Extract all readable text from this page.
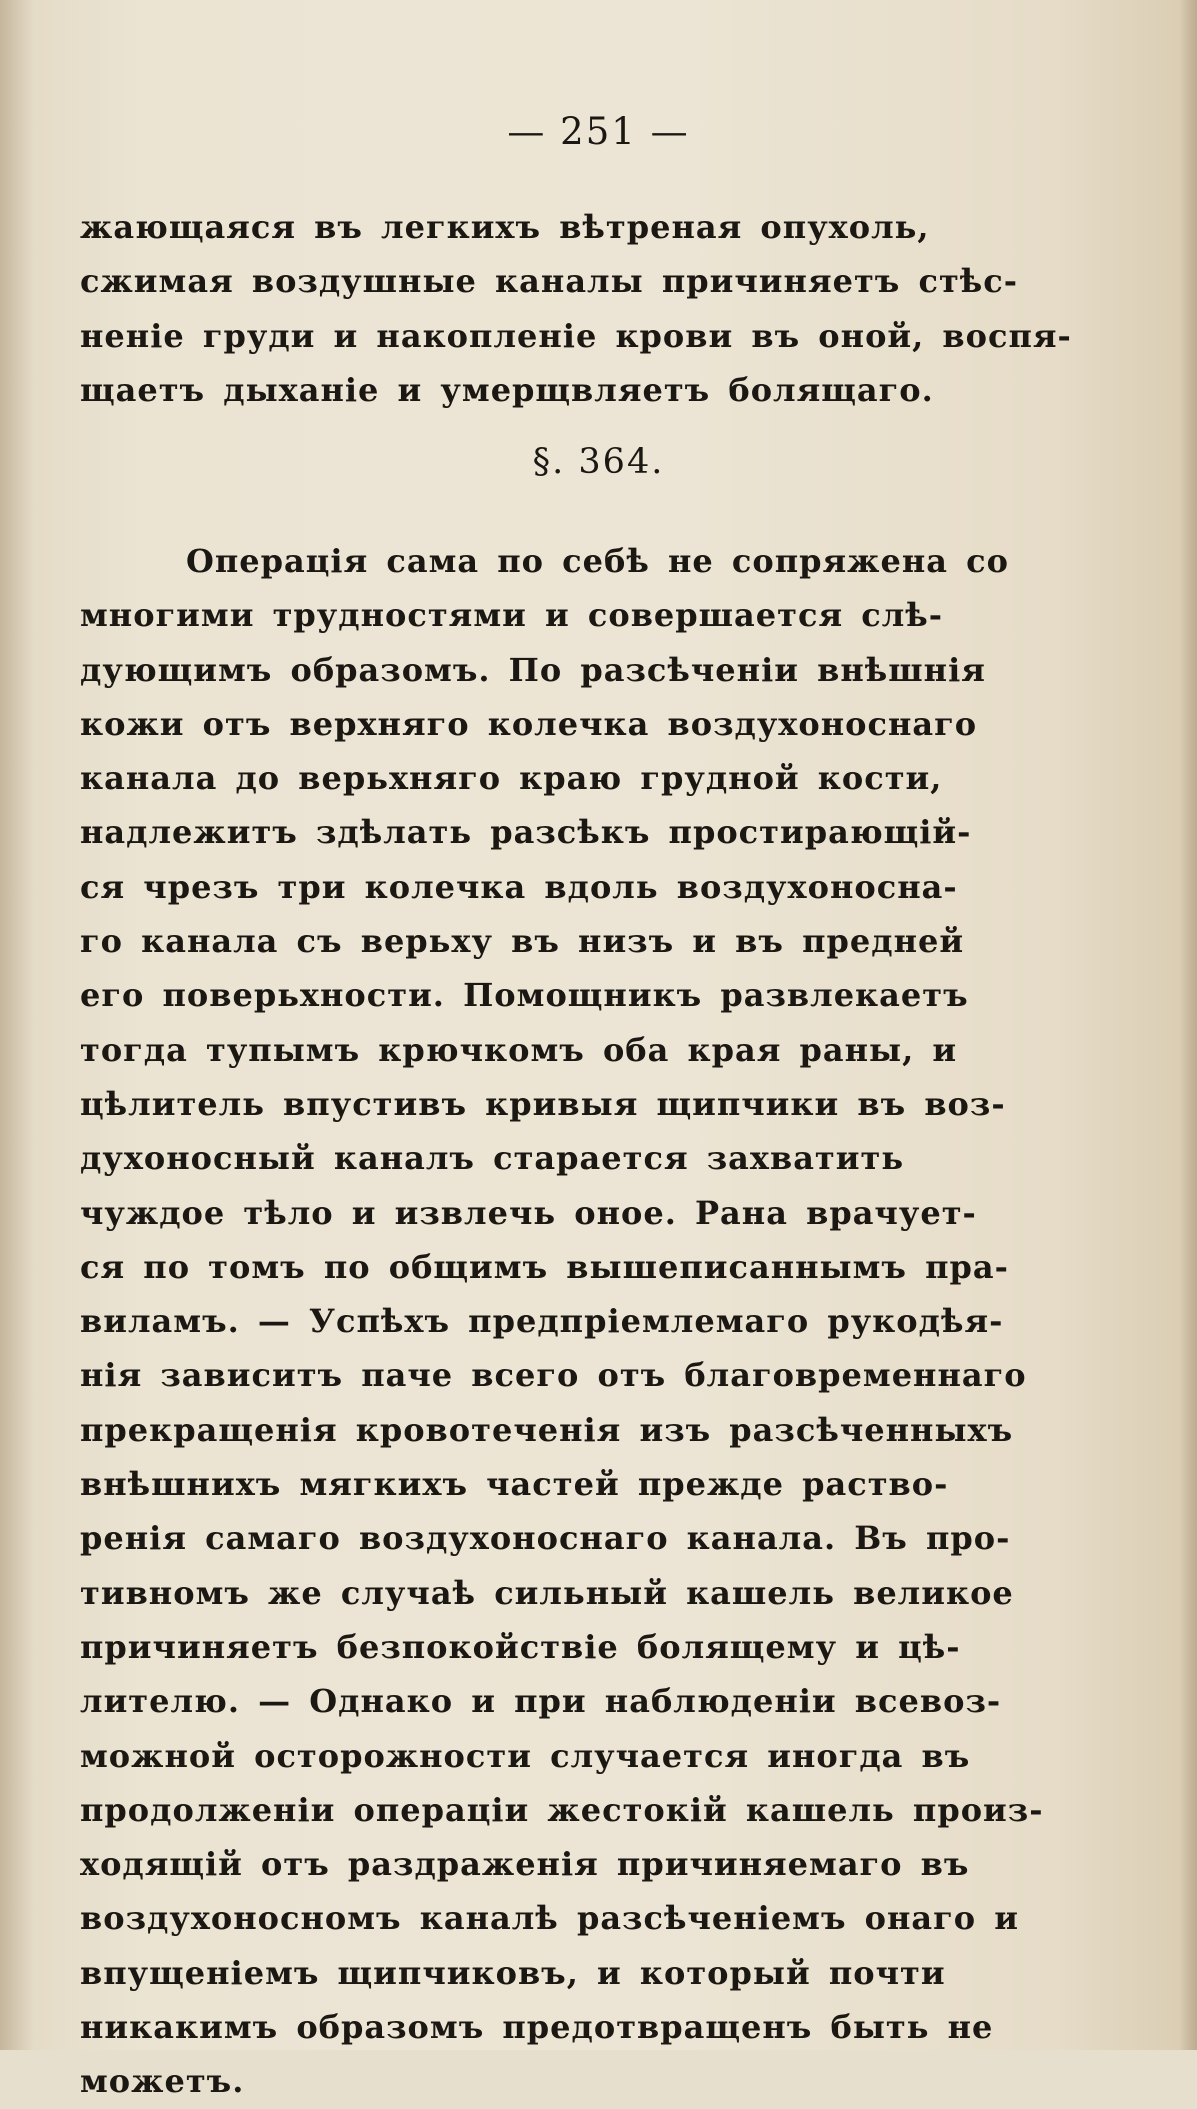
— 251 —
жающаяся въ легкихъ вѣтреная опухоль,
сжимая воздушные каналы причиняетъ стѣс-
ненiе груди и накопленiе крови въ оной, воспя-
щаетъ дыханiе и умерщвляетъ болящаго.
§. 364.
Операцiя сама по себѣ не сопряжена со
многими трудностями и совершается слѣ-
дующимъ образомъ. По разсѣченiи внѣшнiя
кожи отъ верхняго колечка воздухоноснаго
канала до верьхняго краю грудной кости,
надлежитъ здѣлать разсѣкъ простирающiй-
ся чрезъ три колечка вдоль воздухоносна-
го канала съ верьху въ низъ и въ предней
его поверьхности. Помощникъ развлекаетъ
тогда тупымъ крючкомъ оба края раны, и
цѣлитель впустивъ кривыя щипчики въ воз-
духоносный каналъ старается захватить
чуждое тѣло и извлечь оное. Рана врачует-
ся по томъ по общимъ вышеписаннымъ пра-
виламъ. — Успѣхъ предпрiемлемаго рукодѣя-
нiя зависитъ паче всего отъ благовременнаго
прекращенiя кровотеченiя изъ разсѣченныхъ
внѣшнихъ мягкихъ частей прежде раство-
ренiя самаго воздухоноснаго канала. Въ про-
тивномъ же случаѣ сильный кашель великое
причиняетъ безпокойствiе болящему и цѣ-
лителю. — Однако и при наблюденiи всевоз-
можной осторожности случается иногда въ
продолженiи операцiи жестокiй кашель произ-
ходящiй отъ раздраженiя причиняемаго въ
воздухоносномъ каналѣ разсѣченiемъ онаго и
впущенiемъ щипчиковъ, и который почти
никакимъ образомъ предотвращенъ быть не
можетъ.
